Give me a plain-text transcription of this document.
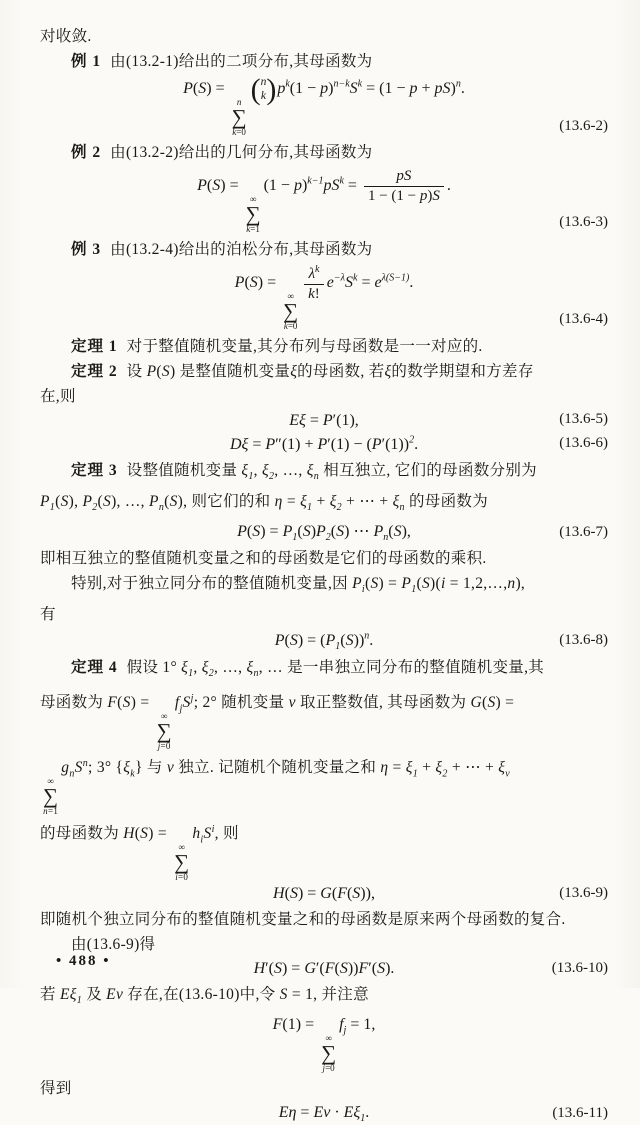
对收敛.
例 1 由(13.2-1)给出的二项分布,其母函数为
P(S) =
n
∑
k=0
( n
k ) $p^k(1 - p)^{n-k}S^k = (1 - p + pS)^n$.
(13.6-2)
例 2 由(13.2-2)给出的几何分布,其母函数为
P(S) =
∞
∑
k=1
$(1 - p)^{k-1}pS^k = \frac{pS}{1 - (1 - p)S}$ .
(13.6-3)
例 3 由(13.2-4)给出的泊松分布,其母函数为
P(S) =
∞
∑
k=0
$\frac{\lambda^k}{k!} e^{-\lambda}S^k = e^{\lambda(S-1)}$.
(13.6-4)
定理 1 对于整值随机变量,其分布列与母函数是一一对应的.
定理 2 设 P(S) 是整值随机变量ξ的母函数, 若ξ的数学期望和方差存
在,则
Eξ = P′(1),	(13.6-5)
$D\xi = P''(1) + P'(1) - (P'(1))^2$.	(13.6-6)
定理 3 设整值随机变量 $\xi_1$, $\xi_2$, …, $\xi_n$ 相互独立, 它们的母函数分别为
$P_1(S)$, $P_2(S)$, …, $P_n(S)$, 则它们的和 $\eta = \xi_1 + \xi_2$ + ⋯ + $\xi_n$ 的母函数为
$P(S) = P_1(S)P_2(S)$ ⋯ $P_n(S)$,	(13.6-7)
即相互独立的整值随机变量之和的母函数是它们的母函数的乘积.
特别,对于独立同分布的整值随机变量,因 $P_i(S) = P_1(S)(i$ = 1,2,…,n),
有
$P(S) = (P_1(S))^n$.	(13.6-8)
定理 4 假设 1° $\xi_1$, $\xi_2$, …, $\xi_n$, … 是一串独立同分布的整值随机变量,其
母函数为 F(S) =
∞
∑
j=0
$f_jS^j$; 2° 随机变量 ν 取正整数值, 其母函数为 G(S) =
∞
∑
n=1
$g_nS^n$; 3° $\{\xi_k\}$ 与 ν 独立. 记随机个随机变量之和 $\eta = \xi_1 + \xi_2$ + ⋯ + $\xi_\nu$
的母函数为 H(S) =
∞
∑
i=0
$h_iS^i$, 则
H(S) = G(F(S)),	(13.6-9)
即随机个独立同分布的整值随机变量之和的母函数是原来两个母函数的复合.
由(13.6-9)得
H′(S) = G′(F(S))F′(S).	(13.6-10)
若 $E\xi_1$ 及 Eν 存在,在(13.6-10)中,令 S = 1, 并注意
F(1) =
∞
∑
j=0
$f_j = 1$,
得到
$E\eta = E\nu \cdot E\xi_1$.	(13.6-11)
• 488 •
